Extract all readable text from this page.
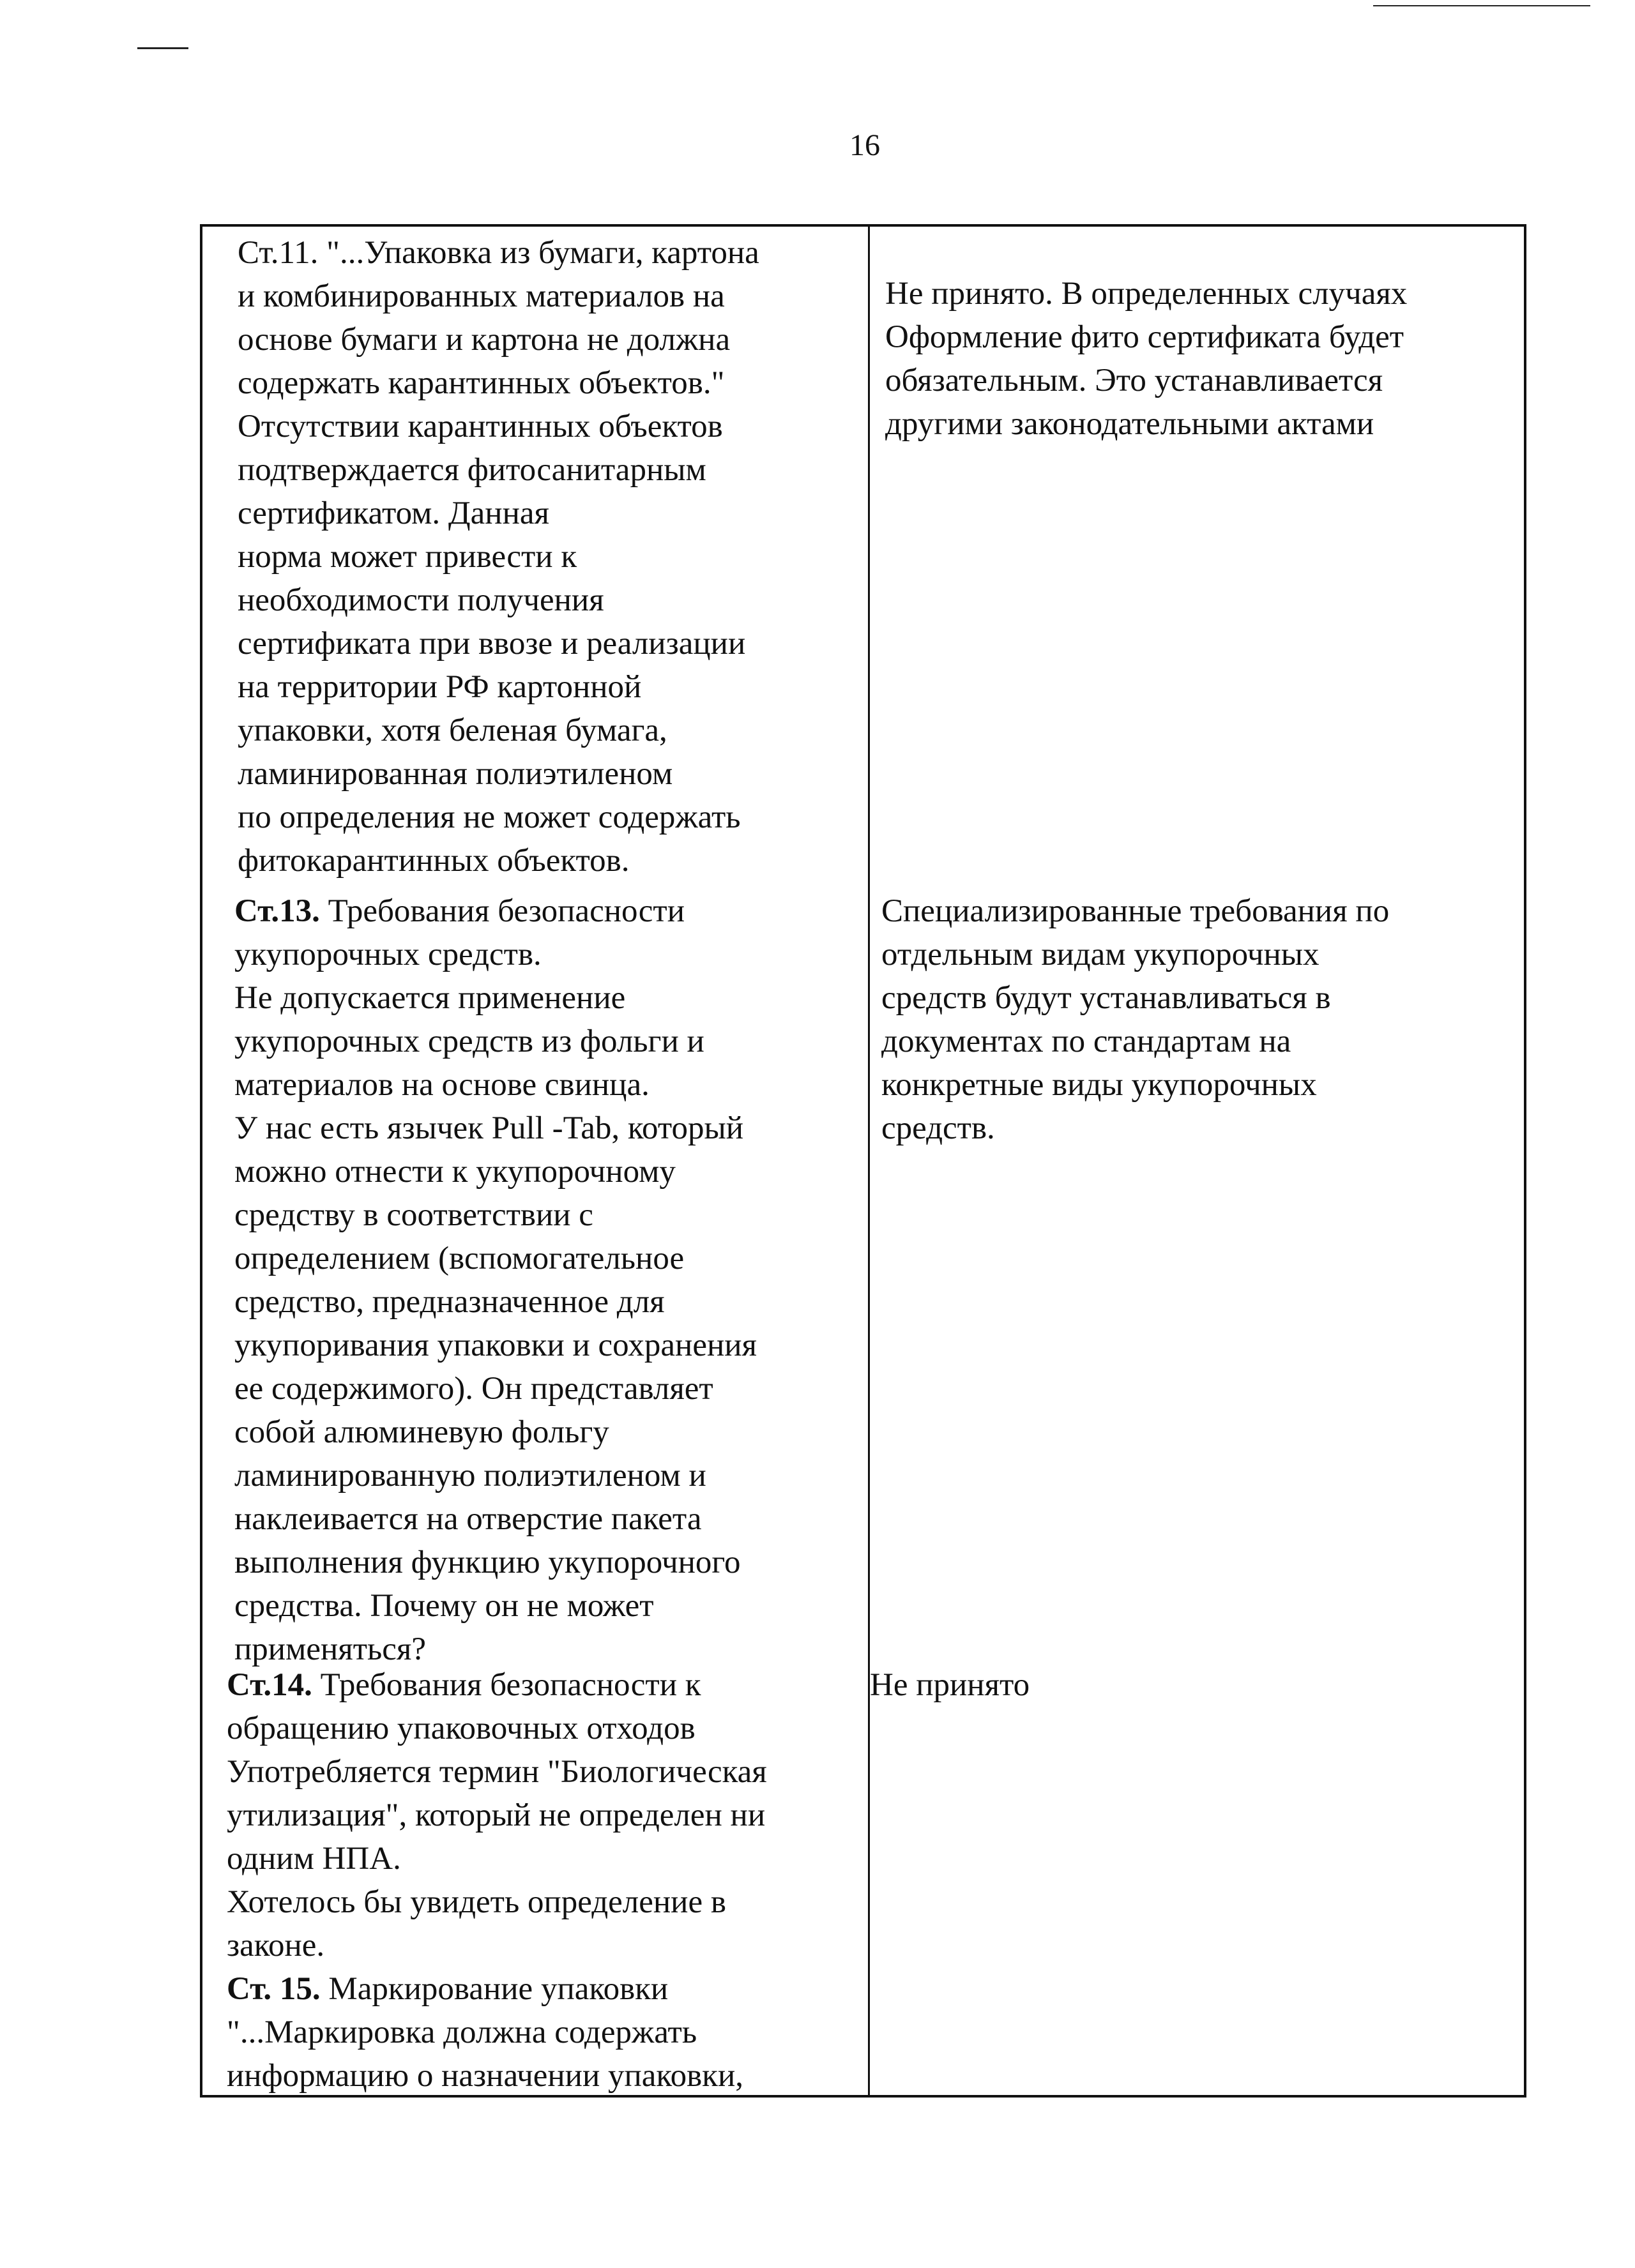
16
Ст.11. "...Упаковка из бумаги, картона
и комбинированных материалов на
основе бумаги и картона не должна
содержать карантинных объектов."
Отсутствии карантинных объектов
подтверждается фитосанитарным
сертификатом. Данная
норма может привести к
необходимости получения
сертификата при ввозе и реализации
на территории РФ картонной
упаковки, хотя беленая бумага,
ламинированная полиэтиленом
по определения не может содержать
фитокарантинных объектов.
Не принято. В определенных случаях
Оформление фито сертификата будет
обязательным. Это устанавливается
другими законодательными актами
Ст.13. Требования безопасности
укупорочных средств.
Не допускается применение
укупорочных средств из фольги и
материалов на основе свинца.
У нас есть язычек Pull -Tab, который
можно отнести к укупорочному
средству в соответствии с
определением (вспомогательное
средство, предназначенное для
укупоривания упаковки и сохранения
ее содержимого). Он представляет
собой алюминевую фольгу
ламинированную полиэтиленом и
наклеивается на отверстие пакета
выполнения функцию укупорочного
средства. Почему он не может
применяться?
Специализированные требования по
отдельным видам укупорочных
средств будут устанавливаться в
документах по стандартам на
конкретные виды укупорочных
средств.
Ст.14. Требования безопасности к
обращению упаковочных отходов
Употребляется термин "Биологическая
утилизация", который не определен ни
одним НПА.
Хотелось бы увидеть определение в
законе.
Ст. 15. Маркирование упаковки
"...Маркировка должна содержать
информацию о назначении упаковки,
Не принято
